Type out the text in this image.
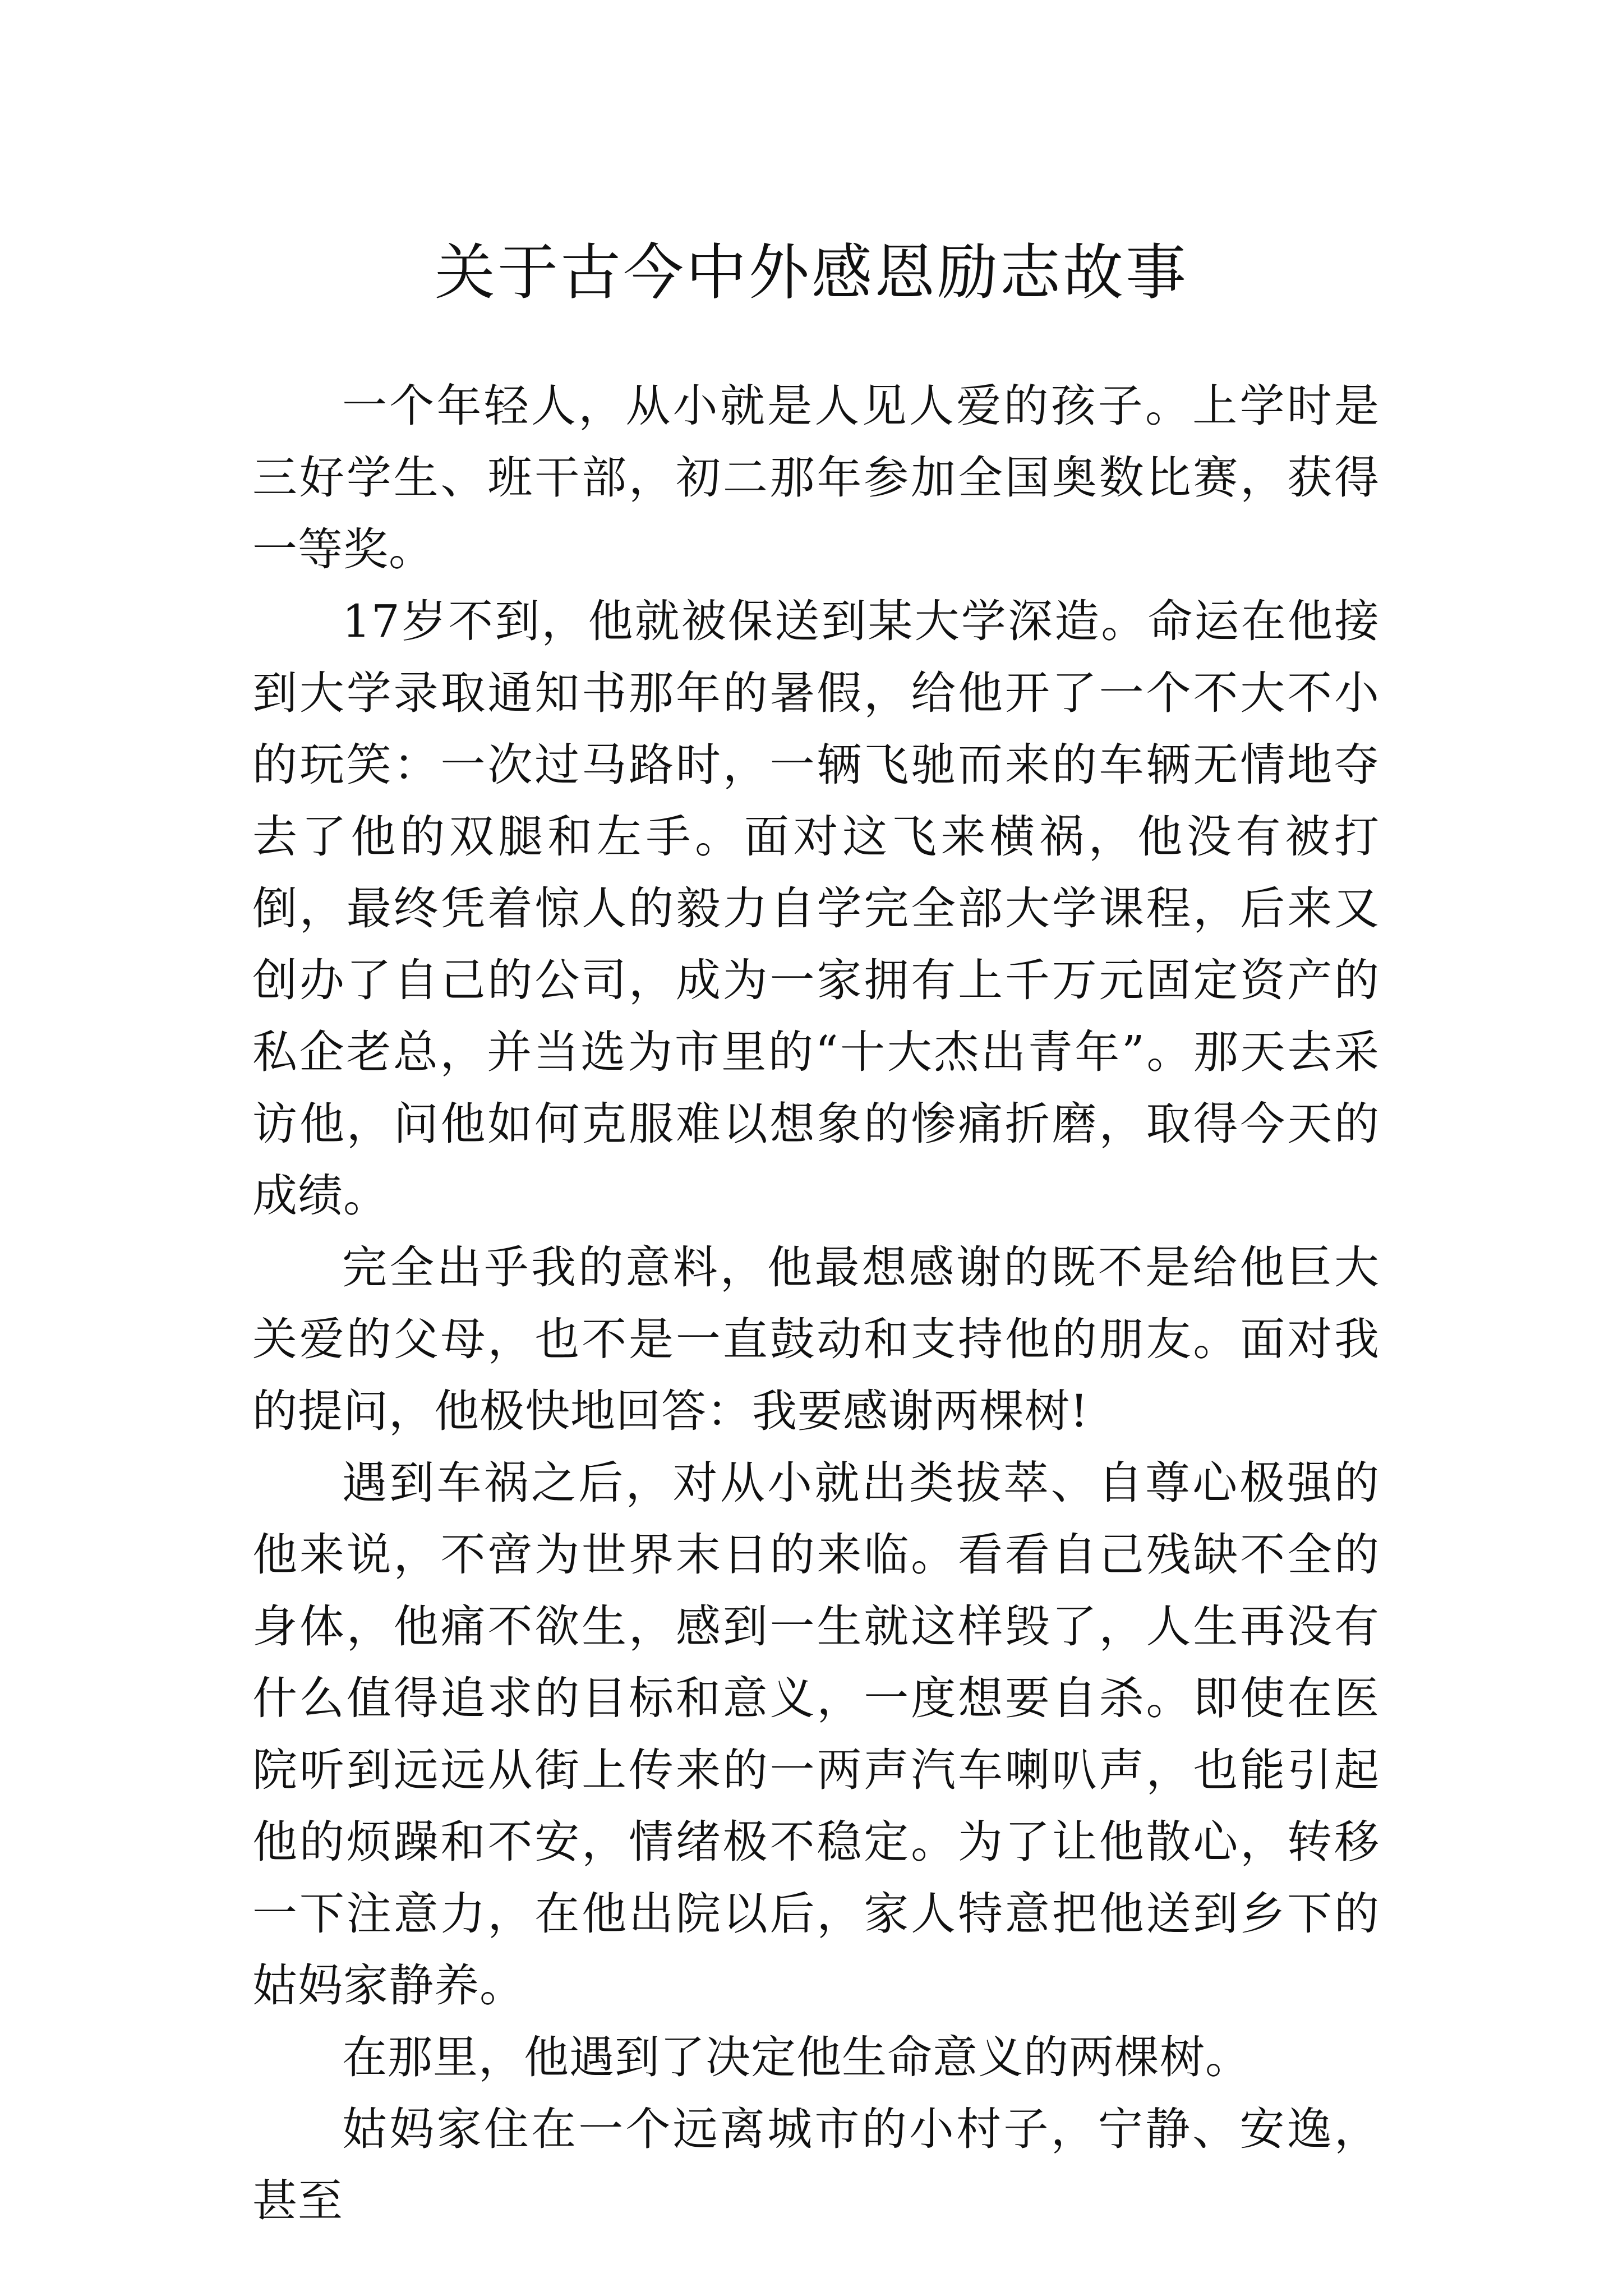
关于古今中外感恩励志故事

一个年轻人，从小就是人见人爱的孩子。上学时是三好学生、班干部，初二那年参加全国奥数比赛，获得一等奖。

17岁不到，他就被保送到某大学深造。命运在他接到大学录取通知书那年的暑假，给他开了一个不大不小的玩笑：一次过马路时，一辆飞驰而来的车辆无情地夺去了他的双腿和左手。面对这飞来横祸，他没有被打倒，最终凭着惊人的毅力自学完全部大学课程，后来又创办了自己的公司，成为一家拥有上千万元固定资产的私企老总，并当选为市里的“十大杰出青年”。那天去采访他，问他如何克服难以想象的惨痛折磨，取得今天的成绩。

完全出乎我的意料，他最想感谢的既不是给他巨大关爱的父母，也不是一直鼓动和支持他的朋友。面对我的提问，他极快地回答：我要感谢两棵树!

遇到车祸之后，对从小就出类拔萃、自尊心极强的他来说，不啻为世界末日的来临。看看自己残缺不全的身体，他痛不欲生，感到一生就这样毁了，人生再没有什么值得追求的目标和意义，一度想要自杀。即使在医院听到远远从街上传来的一两声汽车喇叭声，也能引起他的烦躁和不安，情绪极不稳定。为了让他散心，转移一下注意力，在他出院以后，家人特意把他送到乡下的姑妈家静养。

在那里，他遇到了决定他生命意义的两棵树。

姑妈家住在一个远离城市的小村子，宁静、安逸，甚至
